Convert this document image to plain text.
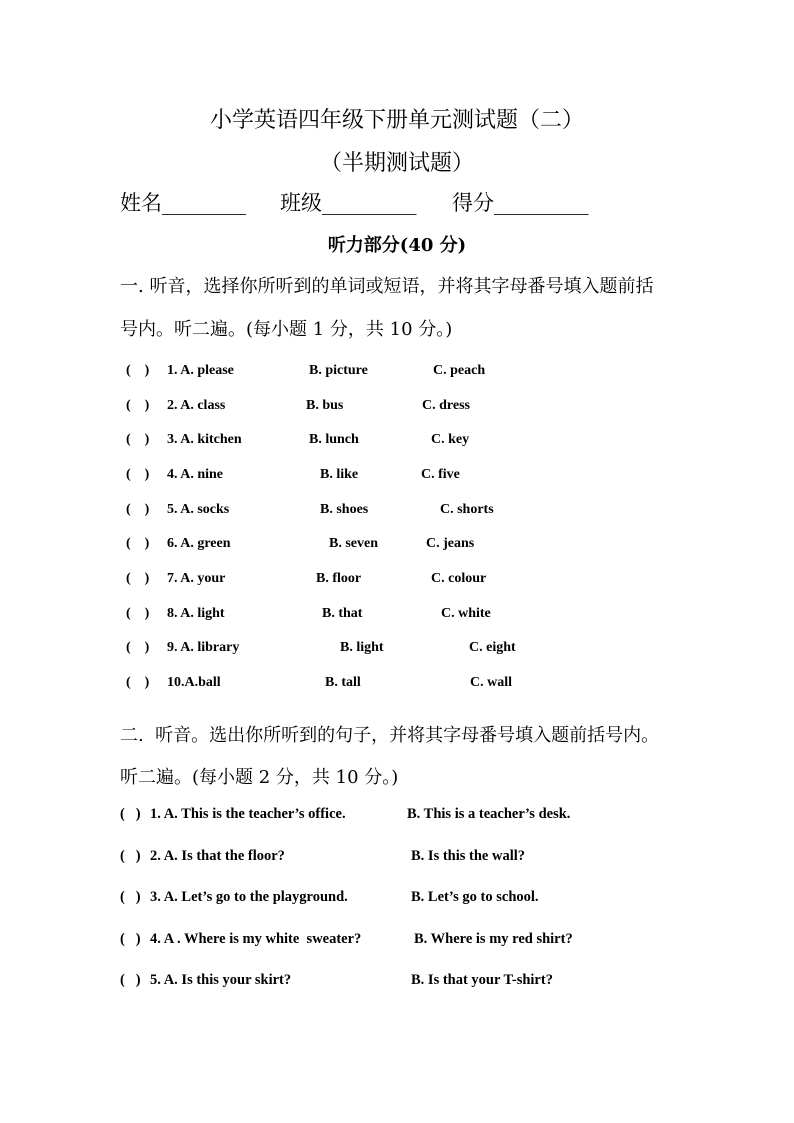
小学英语四年级下册单元测试题（二）
（半期测试题）
姓名________ 班级_________ 得分_________
听力部分(40 分)
一. 听音，选择你所听到的单词或短语，并将其字母番号填入题前括
号内。听二遍。(每小题 1 分，共 10 分。)
(    ) 1. A. please	B. picture	C. peach
(    ) 2. A. class	B. bus	C. dress
(    ) 3. A. kitchen	B. lunch	C. key
(    ) 4. A. nine	B. like	C. five
(    ) 5. A. socks	B. shoes	C. shorts
(    ) 6. A. green	B. seven	C. jeans
(    ) 7. A. your	B. floor	C. colour
(    ) 8. A. light	B. that	C. white
(    ) 9. A. library	B. light	C. eight
(    ) 10.A.ball	B. tall	C. wall
二.  听音。选出你所听到的句子，并将其字母番号填入题前括号内。
听二遍。(每小题 2 分，共 10 分。)
(   ) 1. A. This is the teacher’s office.	B. This is a teacher’s desk.
(   ) 2. A. Is that the floor?	B. Is this the wall?
(   ) 3. A. Let’s go to the playground.	B. Let’s go to school.
(   ) 4. A . Where is my white  sweater?	B. Where is my red shirt?
(   ) 5. A. Is this your skirt?	B. Is that your T-shirt?
